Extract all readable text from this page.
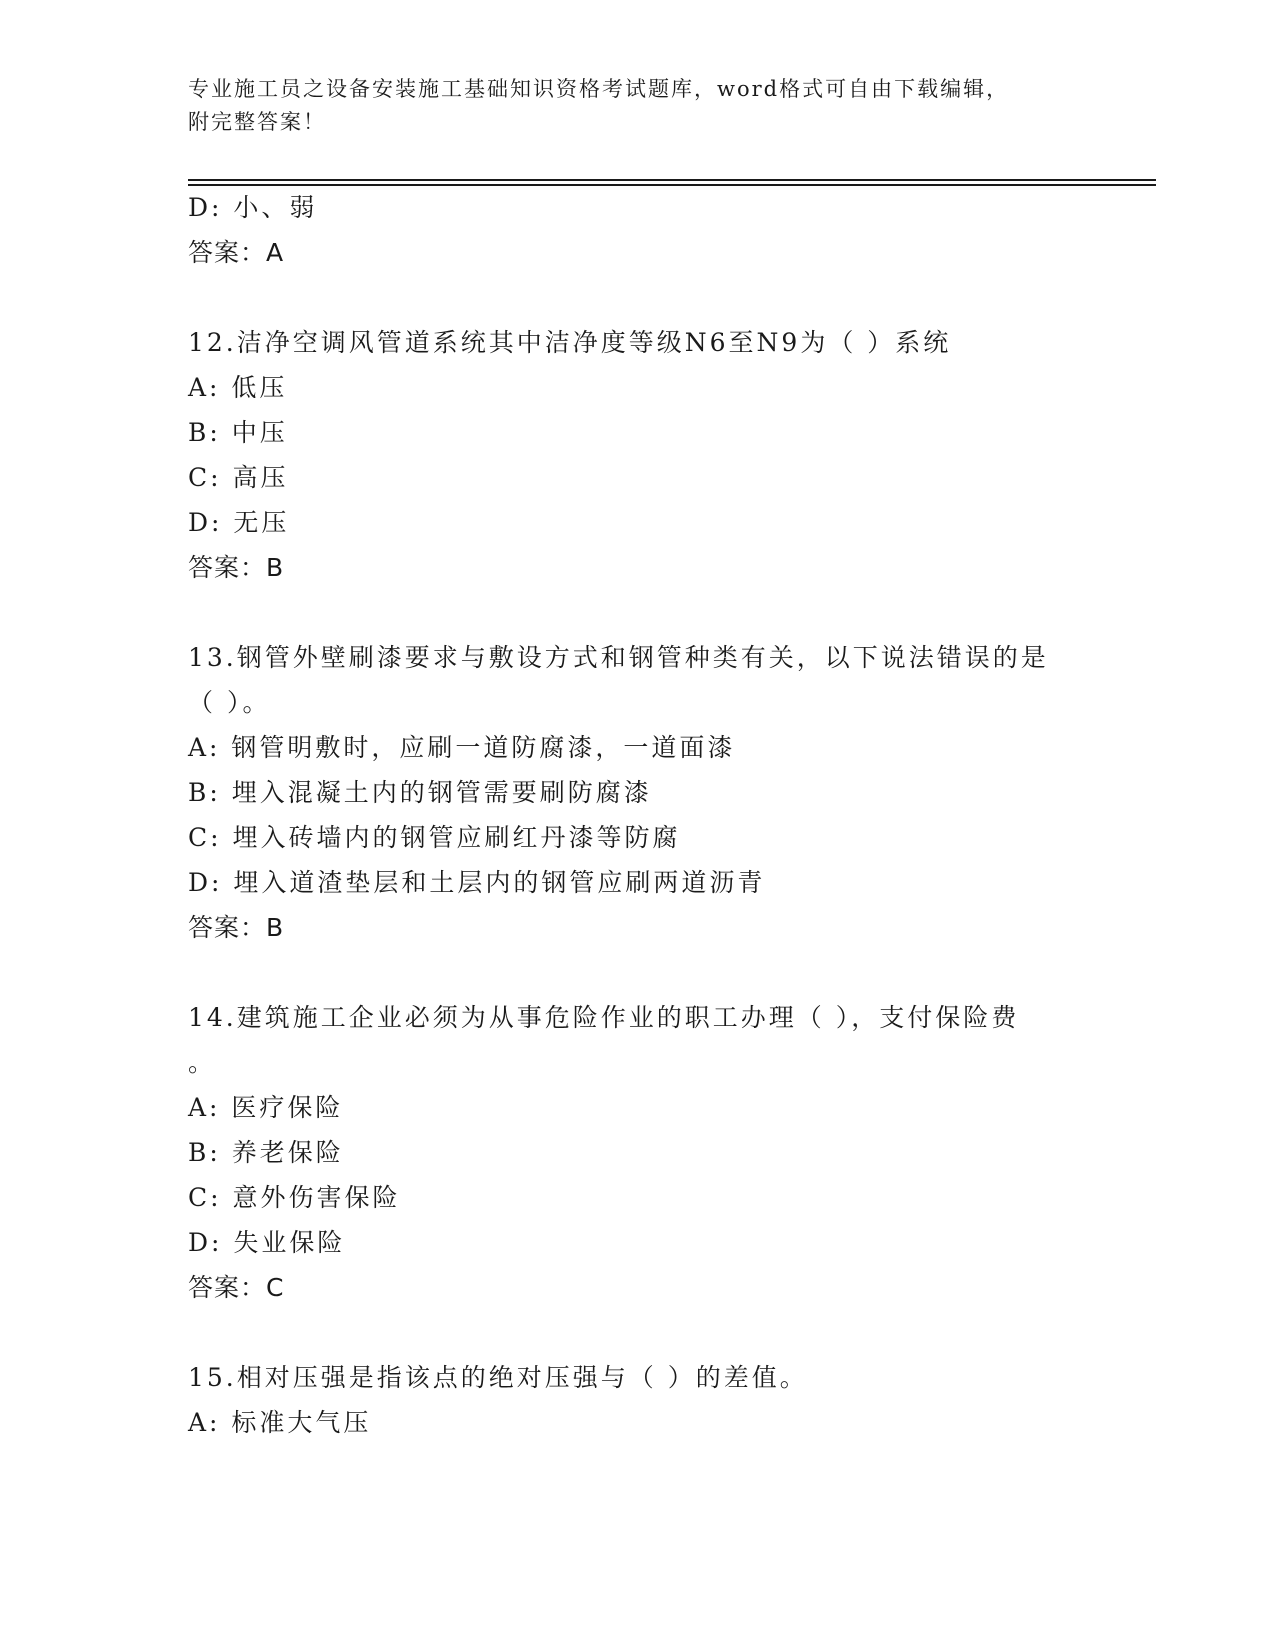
专业施工员之设备安装施工基础知识资格考试题库，word格式可自由下载编辑，
附完整答案！
D: 小、弱
答案：A
12.洁净空调风管道系统其中洁净度等级N6至N9为（ ）系统
A: 低压
B: 中压
C: 高压
D: 无压
答案：B
13.钢管外壁刷漆要求与敷设方式和钢管种类有关，以下说法错误的是
（ ）。
A: 钢管明敷时，应刷一道防腐漆，一道面漆
B: 埋入混凝土内的钢管需要刷防腐漆
C: 埋入砖墙内的钢管应刷红丹漆等防腐
D: 埋入道渣垫层和土层内的钢管应刷两道沥青
答案：B
14.建筑施工企业必须为从事危险作业的职工办理（ ），支付保险费
。
A: 医疗保险
B: 养老保险
C: 意外伤害保险
D: 失业保险
答案：C
15.相对压强是指该点的绝对压强与（ ）的差值。
A: 标准大气压
